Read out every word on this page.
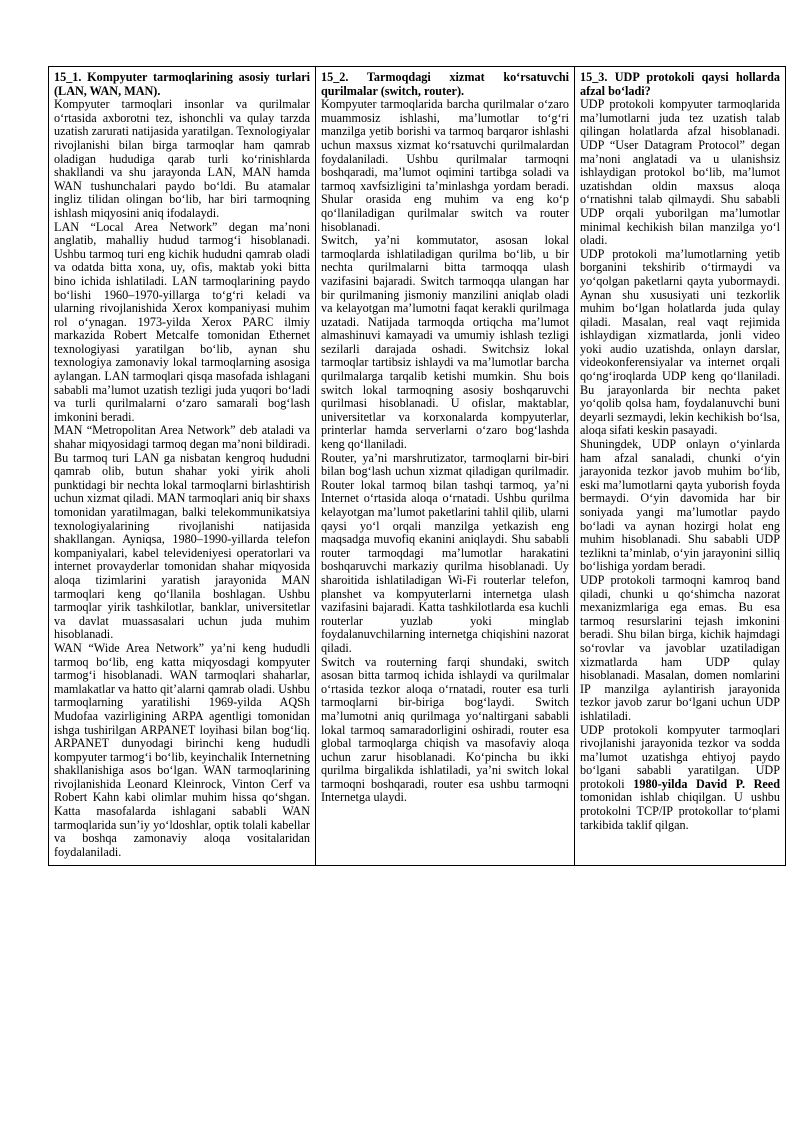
15_1. Kompyuter tarmoqlarining asosiy turlari (LAN, WAN, MAN).

Kompyuter tarmoqlari insonlar va qurilmalar o‘rtasida axborotni tez, ishonchli va qulay tarzda uzatish zarurati natijasida yaratilgan. Texnologiyalar rivojlanishi bilan birga tarmoqlar ham qamrab oladigan hududiga qarab turli ko‘rinishlarda shakllandi va shu jarayonda LAN, MAN hamda WAN tushunchalari paydo bo‘ldi. Bu atamalar ingliz tilidan olingan bo‘lib, har biri tarmoqning ishlash miqyosini aniq ifodalaydi.

LAN “Local Area Network” degan ma’noni anglatib, mahalliy hudud tarmog‘i hisoblanadi. Ushbu tarmoq turi eng kichik hududni qamrab oladi va odatda bitta xona, uy, ofis, maktab yoki bitta bino ichida ishlatiladi. LAN tarmoqlarining paydo bo‘lishi 1960–1970-yillarga to‘g‘ri keladi va ularning rivojlanishida Xerox kompaniyasi muhim rol o‘ynagan. 1973-yilda Xerox PARC ilmiy markazida Robert Metcalfe tomonidan Ethernet texnologiyasi yaratilgan bo‘lib, aynan shu texnologiya zamonaviy lokal tarmoqlarning asosiga aylangan. LAN tarmoqlari qisqa masofada ishlagani sababli ma’lumot uzatish tezligi juda yuqori bo‘ladi va turli qurilmalarni o‘zaro samarali bog‘lash imkonini beradi.

MAN “Metropolitan Area Network” deb ataladi va shahar miqyosidagi tarmoq degan ma’noni bildiradi. Bu tarmoq turi LAN ga nisbatan kengroq hududni qamrab olib, butun shahar yoki yirik aholi punktidagi bir nechta lokal tarmoqlarni birlashtirish uchun xizmat qiladi. MAN tarmoqlari aniq bir shaxs tomonidan yaratilmagan, balki telekommunikatsiya texnologiyalarining rivojlanishi natijasida shakllangan. Ayniqsa, 1980–1990-yillarda telefon kompaniyalari, kabel televideniyesi operatorlari va internet provayderlar tomonidan shahar miqyosida aloqa tizimlarini yaratish jarayonida MAN tarmoqlari keng qo‘llanila boshlagan. Ushbu tarmoqlar yirik tashkilotlar, banklar, universitetlar va davlat muassasalari uchun juda muhim hisoblanadi.

WAN “Wide Area Network” ya’ni keng hududli tarmoq bo‘lib, eng katta miqyosdagi kompyuter tarmog‘i hisoblanadi. WAN tarmoqlari shaharlar, mamlakatlar va hatto qit’alarni qamrab oladi. Ushbu tarmoqlarning yaratilishi 1969-yilda AQSh Mudofaa vazirligining ARPA agentligi tomonidan ishga tushirilgan ARPANET loyihasi bilan bog‘liq. ARPANET dunyodagi birinchi keng hududli kompyuter tarmog‘i bo‘lib, keyinchalik Internetning shakllanishiga asos bo‘lgan. WAN tarmoqlarining rivojlanishida Leonard Kleinrock, Vinton Cerf va Robert Kahn kabi olimlar muhim hissa qo‘shgan. Katta masofalarda ishlagani sababli WAN tarmoqlarida sun’iy yo‘ldoshlar, optik tolali kabellar va boshqa zamonaviy aloqa vositalaridan foydalaniladi.

15_2. Tarmoqdagi xizmat ko‘rsatuvchi qurilmalar (switch, router).

Kompyuter tarmoqlarida barcha qurilmalar o‘zaro muammosiz ishlashi, ma’lumotlar to‘g‘ri manzilga yetib borishi va tarmoq barqaror ishlashi uchun maxsus xizmat ko‘rsatuvchi qurilmalardan foydalaniladi. Ushbu qurilmalar tarmoqni boshqaradi, ma’lumot oqimini tartibga soladi va tarmoq xavfsizligini ta’minlashga yordam beradi. Shular orasida eng muhim va eng ko‘p qo‘llaniladigan qurilmalar switch va router hisoblanadi.

Switch, ya’ni kommutator, asosan lokal tarmoqlarda ishlatiladigan qurilma bo‘lib, u bir nechta qurilmalarni bitta tarmoqqa ulash vazifasini bajaradi. Switch tarmoqqa ulangan har bir qurilmaning jismoniy manzilini aniqlab oladi va kelayotgan ma’lumotni faqat kerakli qurilmaga uzatadi. Natijada tarmoqda ortiqcha ma’lumot almashinuvi kamayadi va umumiy ishlash tezligi sezilarli darajada oshadi. Switchsiz lokal tarmoqlar tartibsiz ishlaydi va ma’lumotlar barcha qurilmalarga tarqalib ketishi mumkin. Shu bois switch lokal tarmoqning asosiy boshqaruvchi qurilmasi hisoblanadi. U ofislar, maktablar, universitetlar va korxonalarda kompyuterlar, printerlar hamda serverlarni o‘zaro bog‘lashda keng qo‘llaniladi.

Router, ya’ni marshrutizator, tarmoqlarni bir-biri bilan bog‘lash uchun xizmat qiladigan qurilmadir. Router lokal tarmoq bilan tashqi tarmoq, ya’ni Internet o‘rtasida aloqa o‘rnatadi. Ushbu qurilma kelayotgan ma’lumot paketlarini tahlil qilib, ularni qaysi yo‘l orqali manzilga yetkazish eng maqsadga muvofiq ekanini aniqlaydi. Shu sababli router tarmoqdagi ma’lumotlar harakatini boshqaruvchi markaziy qurilma hisoblanadi. Uy sharoitida ishlatiladigan Wi-Fi routerlar telefon, planshet va kompyuterlarni internetga ulash vazifasini bajaradi. Katta tashkilotlarda esa kuchli routerlar yuzlab yoki minglab foydalanuvchilarning internetga chiqishini nazorat qiladi.

Switch va routerning farqi shundaki, switch asosan bitta tarmoq ichida ishlaydi va qurilmalar o‘rtasida tezkor aloqa o‘rnatadi, router esa turli tarmoqlarni bir-biriga bog‘laydi. Switch ma’lumotni aniq qurilmaga yo‘naltirgani sababli lokal tarmoq samaradorligini oshiradi, router esa global tarmoqlarga chiqish va masofaviy aloqa uchun zarur hisoblanadi. Ko‘pincha bu ikki qurilma birgalikda ishlatiladi, ya’ni switch lokal tarmoqni boshqaradi, router esa ushbu tarmoqni Internetga ulaydi.

15_3. UDP protokoli qaysi hollarda afzal bo‘ladi?

UDP protokoli kompyuter tarmoqlarida ma’lumotlarni juda tez uzatish talab qilingan holatlarda afzal hisoblanadi. UDP “User Datagram Protocol” degan ma’noni anglatadi va u ulanishsiz ishlaydigan protokol bo‘lib, ma’lumot uzatishdan oldin maxsus aloqa o‘rnatishni talab qilmaydi. Shu sababli UDP orqali yuborilgan ma’lumotlar minimal kechikish bilan manzilga yo‘l oladi.

UDP protokoli ma’lumotlarning yetib borganini tekshirib o‘tirmaydi va yo‘qolgan paketlarni qayta yubormaydi. Aynan shu xususiyati uni tezkorlik muhim bo‘lgan holatlarda juda qulay qiladi. Masalan, real vaqt rejimida ishlaydigan xizmatlarda, jonli video yoki audio uzatishda, onlayn darslar, videokonferensiyalar va internet orqali qo‘ng‘iroqlarda UDP keng qo‘llaniladi. Bu jarayonlarda bir nechta paket yo‘qolib qolsa ham, foydalanuvchi buni deyarli sezmaydi, lekin kechikish bo‘lsa, aloqa sifati keskin pasayadi.

Shuningdek, UDP onlayn o‘yinlarda ham afzal sanaladi, chunki o‘yin jarayonida tezkor javob muhim bo‘lib, eski ma’lumotlarni qayta yuborish foyda bermaydi. O‘yin davomida har bir soniyada yangi ma’lumotlar paydo bo‘ladi va aynan hozirgi holat eng muhim hisoblanadi. Shu sababli UDP tezlikni ta’minlab, o‘yin jarayonini silliq bo‘lishiga yordam beradi.

UDP protokoli tarmoqni kamroq band qiladi, chunki u qo‘shimcha nazorat mexanizmlariga ega emas. Bu esa tarmoq resurslarini tejash imkonini beradi. Shu bilan birga, kichik hajmdagi so‘rovlar va javoblar uzatiladigan xizmatlarda ham UDP qulay hisoblanadi. Masalan, domen nomlarini IP manzilga aylantirish jarayonida tezkor javob zarur bo‘lgani uchun UDP ishlatiladi.

UDP protokoli kompyuter tarmoqlari rivojlanishi jarayonida tezkor va sodda ma’lumot uzatishga ehtiyoj paydo bo‘lgani sababli yaratilgan. UDP protokoli 1980-yilda David P. Reed tomonidan ishlab chiqilgan. U ushbu protokolni TCP/IP protokollar to‘plami tarkibida taklif qilgan.
